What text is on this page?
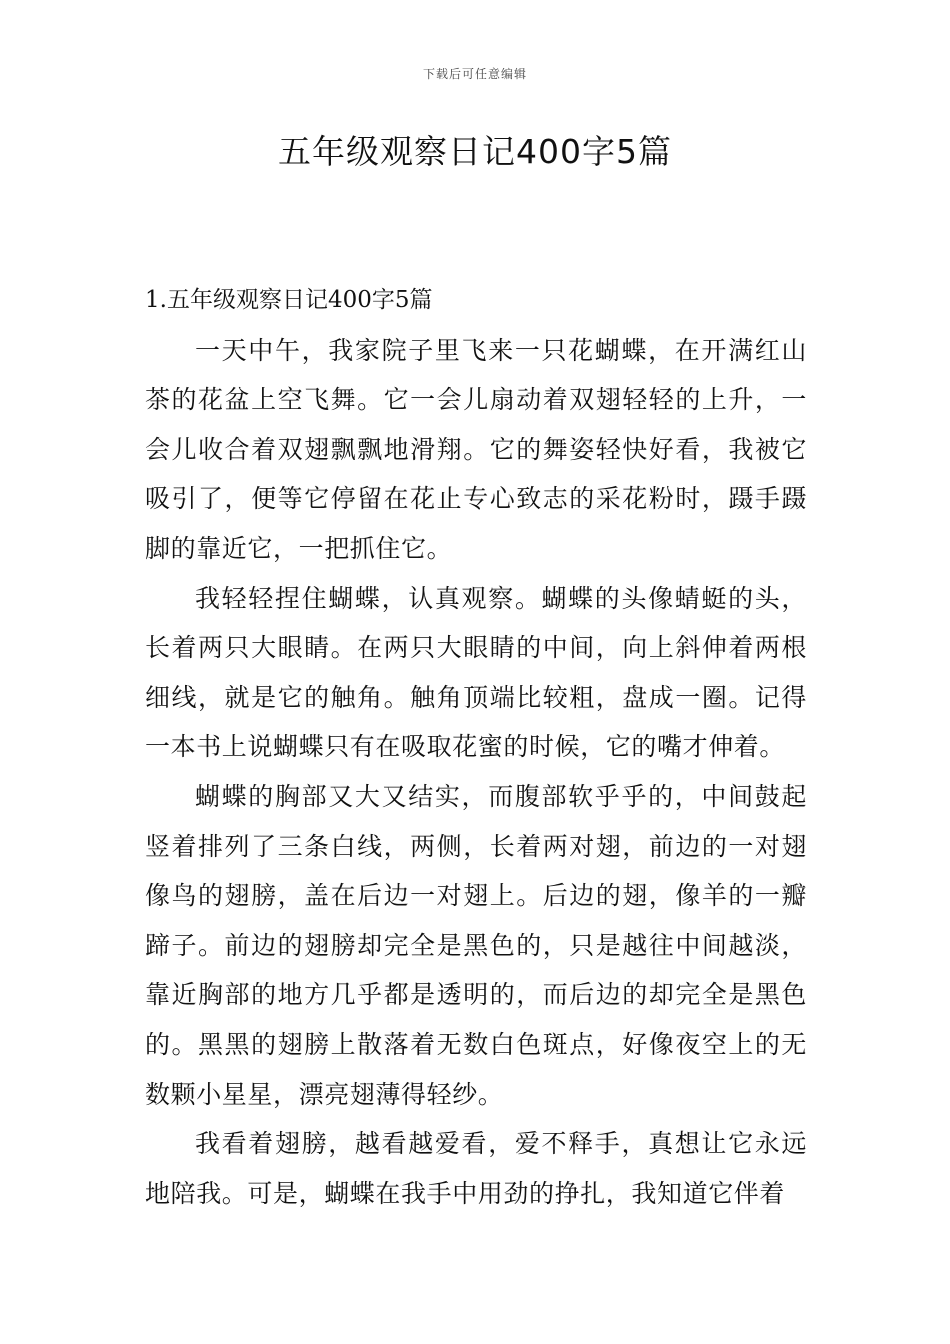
下载后可任意编辑
五年级观察日记400字5篇
1.五年级观察日记400字5篇

一天中午，我家院子里飞来一只花蝴蝶，在开满红山茶的花盆上空飞舞。它一会儿扇动着双翅轻轻的上升，一会儿收合着双翅飘飘地滑翔。它的舞姿轻快好看，我被它吸引了，便等它停留在花止专心致志的采花粉时，蹑手蹑脚的靠近它，一把抓住它。

我轻轻捏住蝴蝶，认真观察。蝴蝶的头像蜻蜓的头，长着两只大眼睛。在两只大眼睛的中间，向上斜伸着两根细线，就是它的触角。触角顶端比较粗，盘成一圈。记得一本书上说蝴蝶只有在吸取花蜜的时候，它的嘴才伸着。

蝴蝶的胸部又大又结实，而腹部软乎乎的，中间鼓起竖着排列了三条白线，两侧，长着两对翅，前边的一对翅像鸟的翅膀，盖在后边一对翅上。后边的翅，像羊的一瓣蹄子。前边的翅膀却完全是黑色的，只是越往中间越淡，靠近胸部的地方几乎都是透明的，而后边的却完全是黑色的。黑黑的翅膀上散落着无数白色斑点，好像夜空上的无数颗小星星，漂亮翅薄得轻纱。

我看着翅膀，越看越爱看，爱不释手，真想让它永远地陪我。可是，蝴蝶在我手中用劲的挣扎，我知道它伴着
